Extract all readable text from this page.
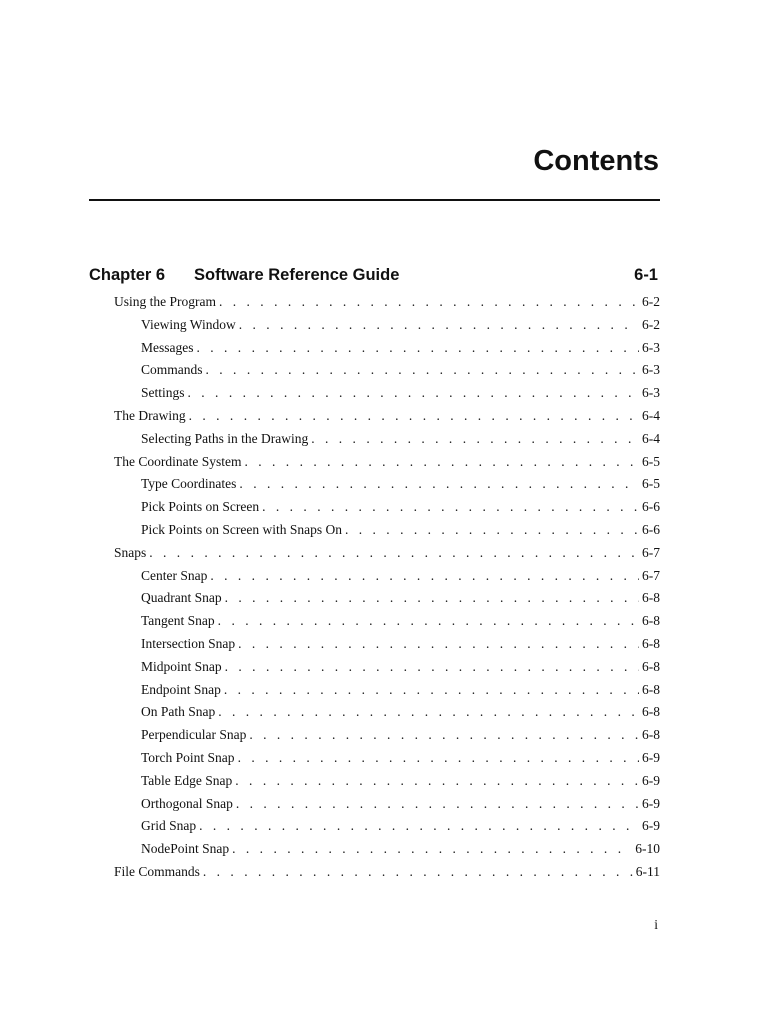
Contents
Chapter 6 Software Reference Guide	6-1
Using the Program . . .	6-2
Viewing Window . . .	6-2
Messages . . .	6-3
Commands . . .	6-3
Settings . . .	6-3
The Drawing . . .	6-4
Selecting Paths in the Drawing . . .	6-4
The Coordinate System . . .	6-5
Type Coordinates . . .	6-5
Pick Points on Screen . . .	6-6
Pick Points on Screen with Snaps On . . .	6-6
Snaps . . .	6-7
Center Snap . . .	6-7
Quadrant Snap . . .	6-8
Tangent Snap . . .	6-8
Intersection Snap . . .	6-8
Midpoint Snap . . .	6-8
Endpoint Snap . . .	6-8
On Path Snap . . .	6-8
Perpendicular Snap . . .	6-8
Torch Point Snap . . .	6-9
Table Edge Snap . . .	6-9
Orthogonal Snap . . .	6-9
Grid Snap . . .	6-9
NodePoint Snap . . .	6-10
File Commands . . .	6-11
i
